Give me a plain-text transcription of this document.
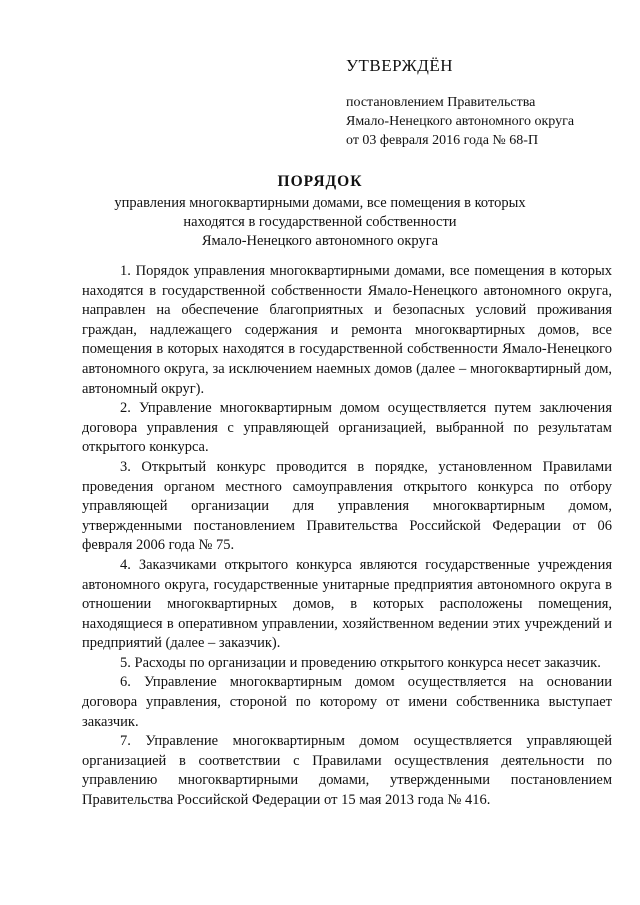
УТВЕРЖДЁН
постановлением Правительства
Ямало-Ненецкого автономного округа
от 03 февраля 2016 года № 68-П
ПОРЯДОК
управления многоквартирными домами, все помещения в которых
находятся в государственной собственности
Ямало-Ненецкого автономного округа

1. Порядок управления многоквартирными домами, все помещения в которых находятся в государственной собственности Ямало-Ненецкого автономного округа, направлен на обеспечение благоприятных и безопасных условий проживания граждан, надлежащего содержания и ремонта многоквартирных домов, все помещения в которых находятся в государственной собственности Ямало-Ненецкого автономного округа, за исключением наемных домов (далее – многоквартирный дом, автономный округ).

2. Управление многоквартирным домом осуществляется путем заключения договора управления с управляющей организацией, выбранной по результатам открытого конкурса.

3. Открытый конкурс проводится в порядке, установленном Правилами проведения органом местного самоуправления открытого конкурса по отбору управляющей организации для управления многоквартирным домом, утвержденными постановлением Правительства Российской Федерации от 06 февраля 2006 года № 75.

4. Заказчиками открытого конкурса являются государственные учреждения автономного округа, государственные унитарные предприятия автономного округа в отношении многоквартирных домов, в которых расположены помещения, находящиеся в оперативном управлении, хозяйственном ведении этих учреждений и предприятий (далее – заказчик).

5. Расходы по организации и проведению открытого конкурса несет заказчик.

6. Управление многоквартирным домом осуществляется на основании договора управления, стороной по которому от имени собственника выступает заказчик.

7. Управление многоквартирным домом осуществляется управляющей организацией в соответствии с Правилами осуществления деятельности по управлению многоквартирными домами, утвержденными постановлением Правительства Российской Федерации от 15 мая 2013 года № 416.
